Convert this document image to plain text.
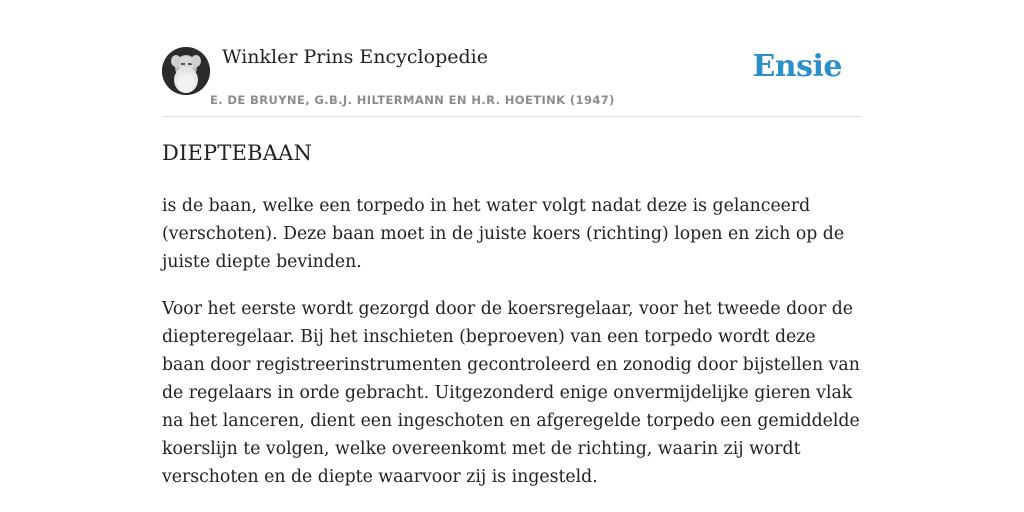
Winkler Prins Encyclopedie
E. DE BRUYNE, G.B.J. HILTERMANN EN H.R. HOETINK (1947)
Ensie
DIEPTEBAAN

is de baan, welke een torpedo in het water volgt nadat deze is gelanceerd (verschoten). Deze baan moet in de juiste koers (richting) lopen en zich op de juiste diepte bevinden.

Voor het eerste wordt gezorgd door de koersregelaar, voor het tweede door de diepteregelaar. Bij het inschieten (beproeven) van een torpedo wordt deze baan door registreerinstrumenten gecontroleerd en zonodig door bijstellen van de regelaars in orde gebracht. Uitgezonderd enige onvermijdelijke gieren vlak na het lanceren, dient een ingeschoten en afgeregelde torpedo een gemiddelde koerslijn te volgen, welke overeenkomt met de richting, waarin zij wordt verschoten en de diepte waarvoor zij is ingesteld.
